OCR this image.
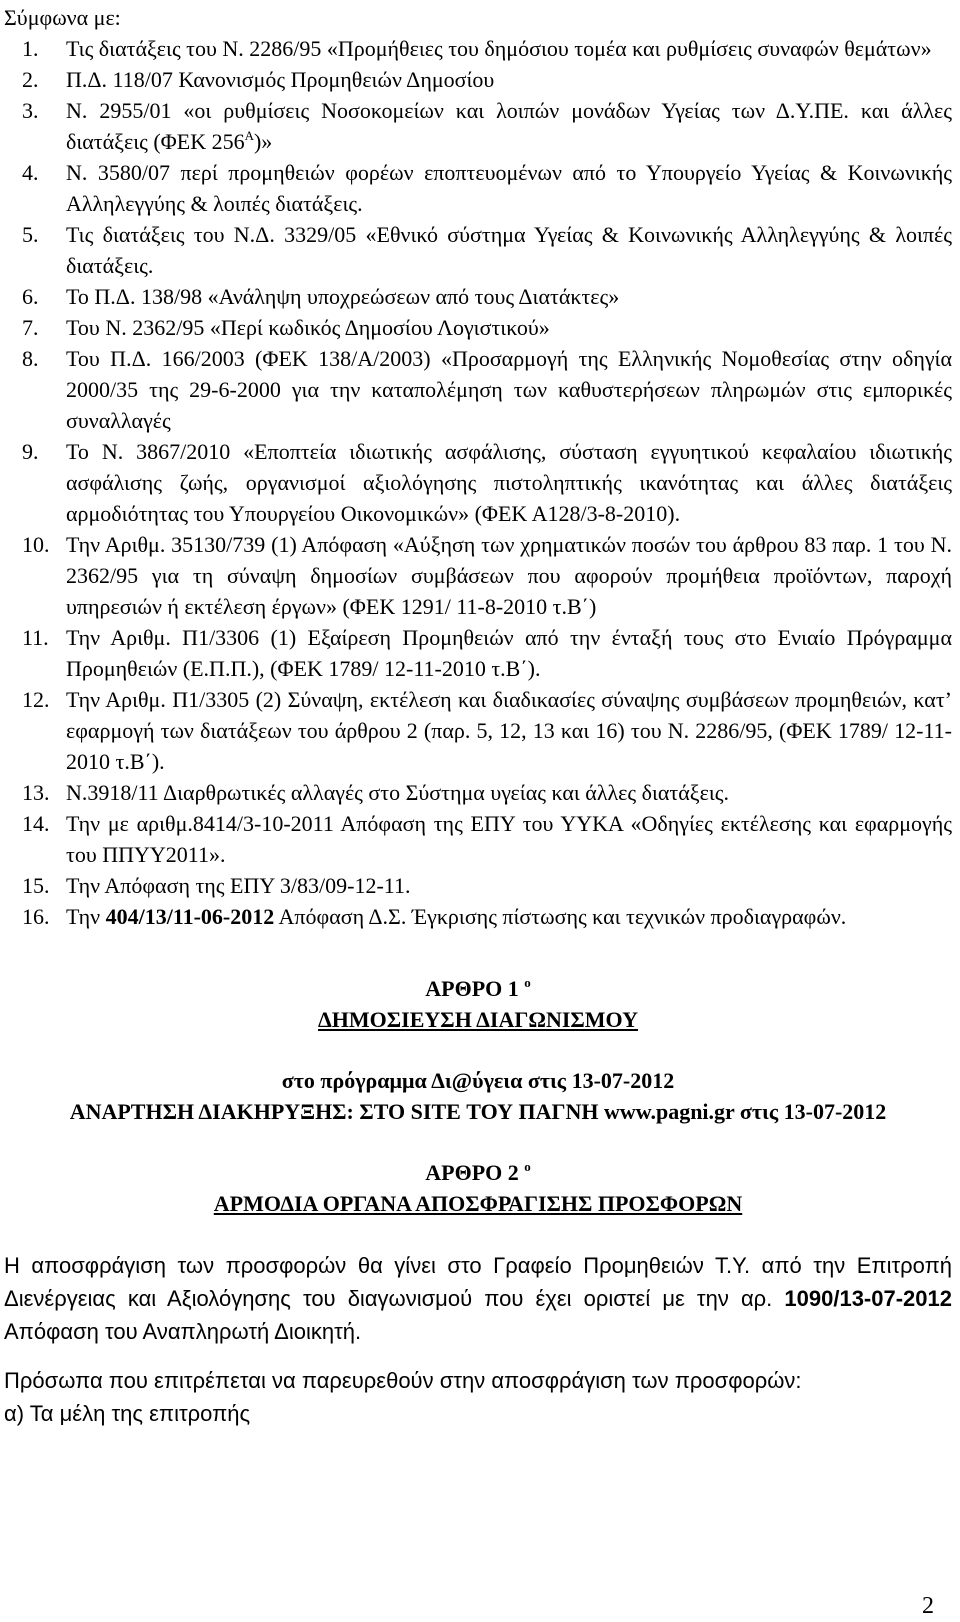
Σύμφωνα με:

1. Τις διατάξεις του Ν. 2286/95 «Προμήθειες του δημόσιου τομέα και ρυθμίσεις συναφών θεμάτων»
2. Π.Δ. 118/07 Κανονισμός Προμηθειών Δημοσίου
3. Ν. 2955/01 «οι ρυθμίσεις Νοσοκομείων και λοιπών μονάδων Υγείας των Δ.Υ.ΠΕ. και άλλες διατάξεις (ΦΕΚ $256^A$)»
4. Ν. 3580/07 περί προμηθειών φορέων εποπτευομένων από το Υπουργείο Υγείας & Κοινωνικής Αλληλεγγύης & λοιπές διατάξεις.
5. Τις διατάξεις του Ν.Δ. 3329/05 «Εθνικό σύστημα Υγείας & Κοινωνικής Αλληλεγγύης & λοιπές διατάξεις.
6. Το Π.Δ. 138/98 «Ανάληψη υποχρεώσεων από τους Διατάκτες»
7. Του Ν. 2362/95 «Περί κωδικός Δημοσίου Λογιστικού»
8. Του Π.Δ. 166/2003 (ΦΕΚ 138/Α/2003) «Προσαρμογή της Ελληνικής Νομοθεσίας στην οδηγία 2000/35 της 29-6-2000 για την καταπολέμηση των καθυστερήσεων πληρωμών στις εμπορικές συναλλαγές
9. Το Ν. 3867/2010 «Εποπτεία ιδιωτικής ασφάλισης, σύσταση εγγυητικού κεφαλαίου ιδιωτικής ασφάλισης ζωής, οργανισμοί αξιολόγησης πιστοληπτικής ικανότητας και άλλες διατάξεις αρμοδιότητας του Υπουργείου Οικονομικών» (ΦΕΚ Α128/3-8-2010).
10. Την Αριθμ. 35130/739 (1) Απόφαση «Αύξηση των χρηματικών ποσών του άρθρου 83 παρ. 1 του Ν. 2362/95 για τη σύναψη δημοσίων συμβάσεων που αφορούν προμήθεια προϊόντων, παροχή υπηρεσιών ή εκτέλεση έργων» (ΦΕΚ 1291/ 11-8-2010 τ.Β΄)
11. Την Αριθμ. Π1/3306 (1) Εξαίρεση Προμηθειών από την ένταξή τους στο Ενιαίο Πρόγραμμα Προμηθειών (Ε.Π.Π.), (ΦΕΚ 1789/ 12-11-2010 τ.Β΄).
12. Την Αριθμ. Π1/3305 (2) Σύναψη, εκτέλεση και διαδικασίες σύναψης συμβάσεων προμηθειών, κατ’ εφαρμογή των διατάξεων του άρθρου 2 (παρ. 5, 12, 13 και 16) του Ν. 2286/95, (ΦΕΚ 1789/ 12-11-2010 τ.Β΄).
13. Ν.3918/11 Διαρθρωτικές αλλαγές στο Σύστημα υγείας και άλλες διατάξεις.
14. Την με αριθμ.8414/3-10-2011 Απόφαση της ΕΠΥ του ΥΥΚΑ «Οδηγίες εκτέλεσης και εφαρμογής του ΠΠΥΥ2011».
15. Την Απόφαση της ΕΠΥ 3/83/09-12-11.
16. Την 404/13/11-06-2012 Απόφαση Δ.Σ. Έγκρισης πίστωσης και τεχνικών προδιαγραφών.
ΑΡΘΡΟ 1 $^o$
ΔΗΜΟΣΙΕΥΣΗ ΔΙΑΓΩΝΙΣΜΟΥ
στο πρόγραμμα Δι@ύγεια στις 13-07-2012
ΑΝΑΡΤΗΣΗ ΔΙΑΚΗΡΥΞΗΣ: ΣΤΟ SITE ΤΟΥ ΠΑΓΝΗ www.pagni.gr στις 13-07-2012
ΑΡΘΡΟ 2 $^o$
ΑΡΜΟΔΙΑ ΟΡΓΑΝΑ ΑΠΟΣΦΡΑΓΙΣΗΣ ΠΡΟΣΦΟΡΩΝ

Η αποσφράγιση των προσφορών θα γίνει στο Γραφείο Προμηθειών Τ.Υ. από την Επιτροπή Διενέργειας και Αξιολόγησης του διαγωνισμού που έχει οριστεί με την αρ. 1090/13-07-2012 Απόφαση του Αναπληρωτή Διοικητή.

Πρόσωπα που επιτρέπεται να παρευρεθούν στην αποσφράγιση των προσφορών:

α) Τα μέλη της επιτροπής

2
